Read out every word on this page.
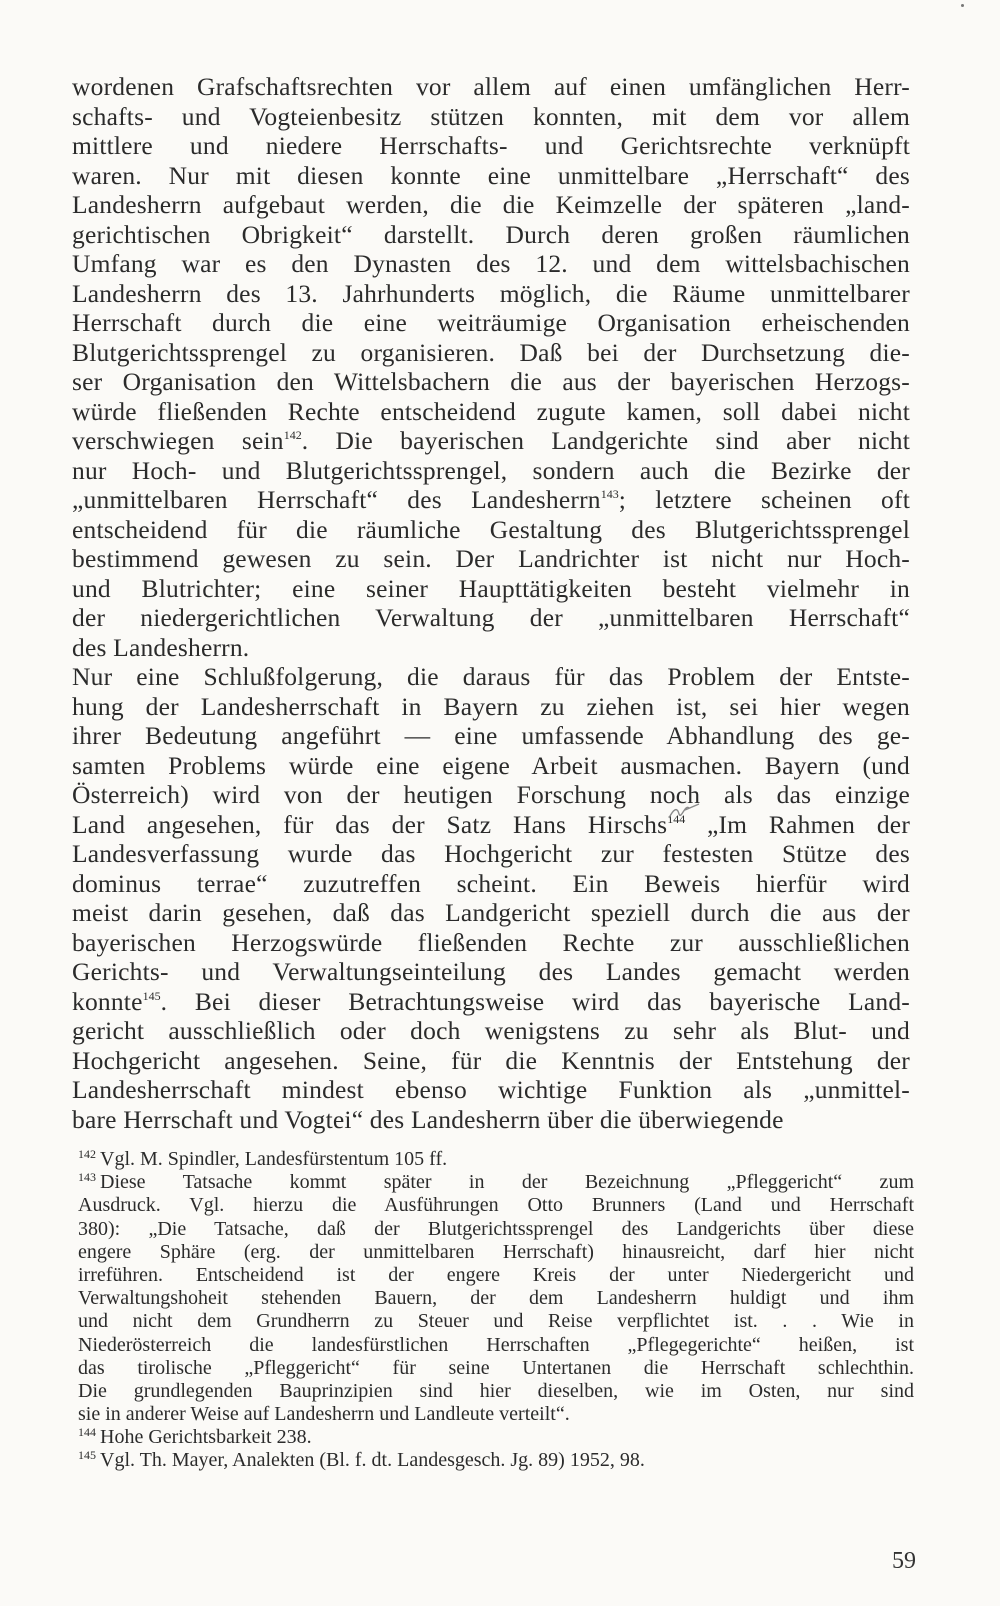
wordenen Grafschaftsrechten vor allem auf einen umfänglichen Herr-
schafts- und Vogteienbesitz stützen konnten, mit dem vor allem
mittlere und niedere Herrschafts- und Gerichtsrechte verknüpft
waren. Nur mit diesen konnte eine unmittelbare „Herrschaft“ des
Landesherrn aufgebaut werden, die die Keimzelle der späteren „land-
gerichtischen Obrigkeit“ darstellt. Durch deren großen räumlichen
Umfang war es den Dynasten des 12. und dem wittelsbachischen
Landesherrn des 13. Jahrhunderts möglich, die Räume unmittelbarer
Herrschaft durch die eine weiträumige Organisation erheischenden
Blutgerichtssprengel zu organisieren. Daß bei der Durchsetzung die-
ser Organisation den Wittelsbachern die aus der bayerischen Herzogs-
würde fließenden Rechte entscheidend zugute kamen, soll dabei nicht
verschwiegen sein$^{142}$. Die bayerischen Landgerichte sind aber nicht
nur Hoch- und Blutgerichtssprengel, sondern auch die Bezirke der
„unmittelbaren Herrschaft“ des Landesherrn$^{143}$; letztere scheinen oft
entscheidend für die räumliche Gestaltung des Blutgerichtssprengel
bestimmend gewesen zu sein. Der Landrichter ist nicht nur Hoch-
und Blutrichter; eine seiner Haupttätigkeiten besteht vielmehr in
der niedergerichtlichen Verwaltung der „unmittelbaren Herrschaft“
des Landesherrn.
Nur eine Schlußfolgerung, die daraus für das Problem der Entste-
hung der Landesherrschaft in Bayern zu ziehen ist, sei hier wegen
ihrer Bedeutung angeführt — eine umfassende Abhandlung des ge-
samten Problems würde eine eigene Arbeit ausmachen. Bayern (und
Österreich) wird von der heutigen Forschung noch als das einzige
Land angesehen, für das der Satz Hans Hirschs$^{144}$ „Im Rahmen der
Landesverfassung wurde das Hochgericht zur festesten Stütze des
dominus terrae“ zuzutreffen scheint. Ein Beweis hierfür wird
meist darin gesehen, daß das Landgericht speziell durch die aus der
bayerischen Herzogswürde fließenden Rechte zur ausschließlichen
Gerichts- und Verwaltungseinteilung des Landes gemacht werden
konnte$^{145}$. Bei dieser Betrachtungsweise wird das bayerische Land-
gericht ausschließlich oder doch wenigstens zu sehr als Blut- und
Hochgericht angesehen. Seine, für die Kenntnis der Entstehung der
Landesherrschaft mindest ebenso wichtige Funktion als „unmittel-
bare Herrschaft und Vogtei“ des Landesherrn über die überwiegende
$^{142}$ Vgl. M. Spindler, Landesfürstentum 105 ff.
$^{143}$ Diese Tatsache kommt später in der Bezeichnung „Pfleggericht“ zum
Ausdruck. Vgl. hierzu die Ausführungen Otto Brunners (Land und Herrschaft
380): „Die Tatsache, daß der Blutgerichtssprengel des Landgerichts über diese
engere Sphäre (erg. der unmittelbaren Herrschaft) hinausreicht, darf hier nicht
irreführen. Entscheidend ist der engere Kreis der unter Niedergericht und
Verwaltungshoheit stehenden Bauern, der dem Landesherrn huldigt und ihm
und nicht dem Grundherrn zu Steuer und Reise verpflichtet ist. . . Wie in
Niederösterreich die landesfürstlichen Herrschaften „Pflegegerichte“ heißen, ist
das tirolische „Pfleggericht“ für seine Untertanen die Herrschaft schlechthin.
Die grundlegenden Bauprinzipien sind hier dieselben, wie im Osten, nur sind
sie in anderer Weise auf Landesherrn und Landleute verteilt“.
$^{144}$ Hohe Gerichtsbarkeit 238.
$^{145}$ Vgl. Th. Mayer, Analekten (Bl. f. dt. Landesgesch. Jg. 89) 1952, 98.
59
